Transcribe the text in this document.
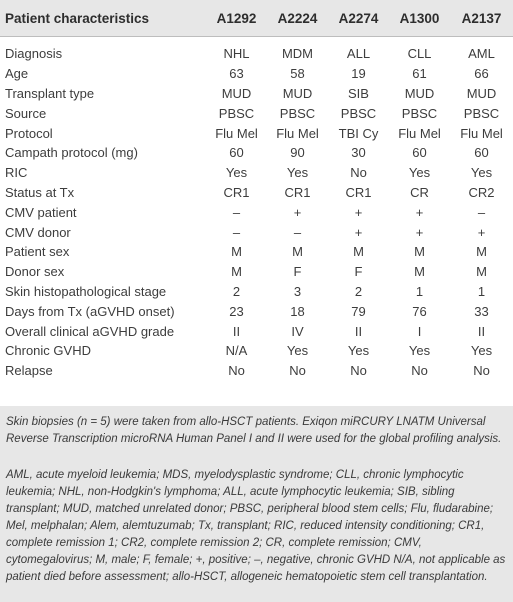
Patient characteristics	A1292	A2224	A2274	A1300	A2137
Diagnosis	NHL	MDM	ALL	CLL	AML
Age	63	58	19	61	66
Transplant type	MUD	MUD	SIB	MUD	MUD
Source	PBSC	PBSC	PBSC	PBSC	PBSC
Protocol	Flu Mel	Flu Mel	TBI Cy	Flu Mel	Flu Mel
Campath protocol (mg)	60	90	30	60	60
RIC	Yes	Yes	No	Yes	Yes
Status at Tx	CR1	CR1	CR1	CR	CR2
CMV patient	–	+	+	+	–
CMV donor	–	–	+	+	+
Patient sex	M	M	M	M	M
Donor sex	M	F	F	M	M
Skin histopathological stage	2	3	2	1	1
Days from Tx (aGVHD onset)	23	18	79	76	33
Overall clinical aGVHD grade	II	IV	II	I	II
Chronic GVHD	N/A	Yes	Yes	Yes	Yes
Relapse	No	No	No	No	No
Skin biopsies (n = 5) were taken from allo-HSCT patients. Exiqon miRCURY LNATM Universal Reverse Transcription microRNA Human Panel I and II were used for the global profiling analysis.
AML, acute myeloid leukemia; MDS, myelodysplastic syndrome; CLL, chronic lymphocytic leukemia; NHL, non-Hodgkin's lymphoma; ALL, acute lymphocytic leukemia; SIB, sibling transplant; MUD, matched unrelated donor; PBSC, peripheral blood stem cells; Flu, fludarabine; Mel, melphalan; Alem, alemtuzumab; Tx, transplant; RIC, reduced intensity conditioning; CR1, complete remission 1; CR2, complete remission 2; CR, complete remission; CMV, cytomegalovirus; M, male; F, female; +, positive; –, negative, chronic GVHD N/A, not applicable as patient died before assessment; allo-HSCT, allogeneic hematopoietic stem cell transplantation.
